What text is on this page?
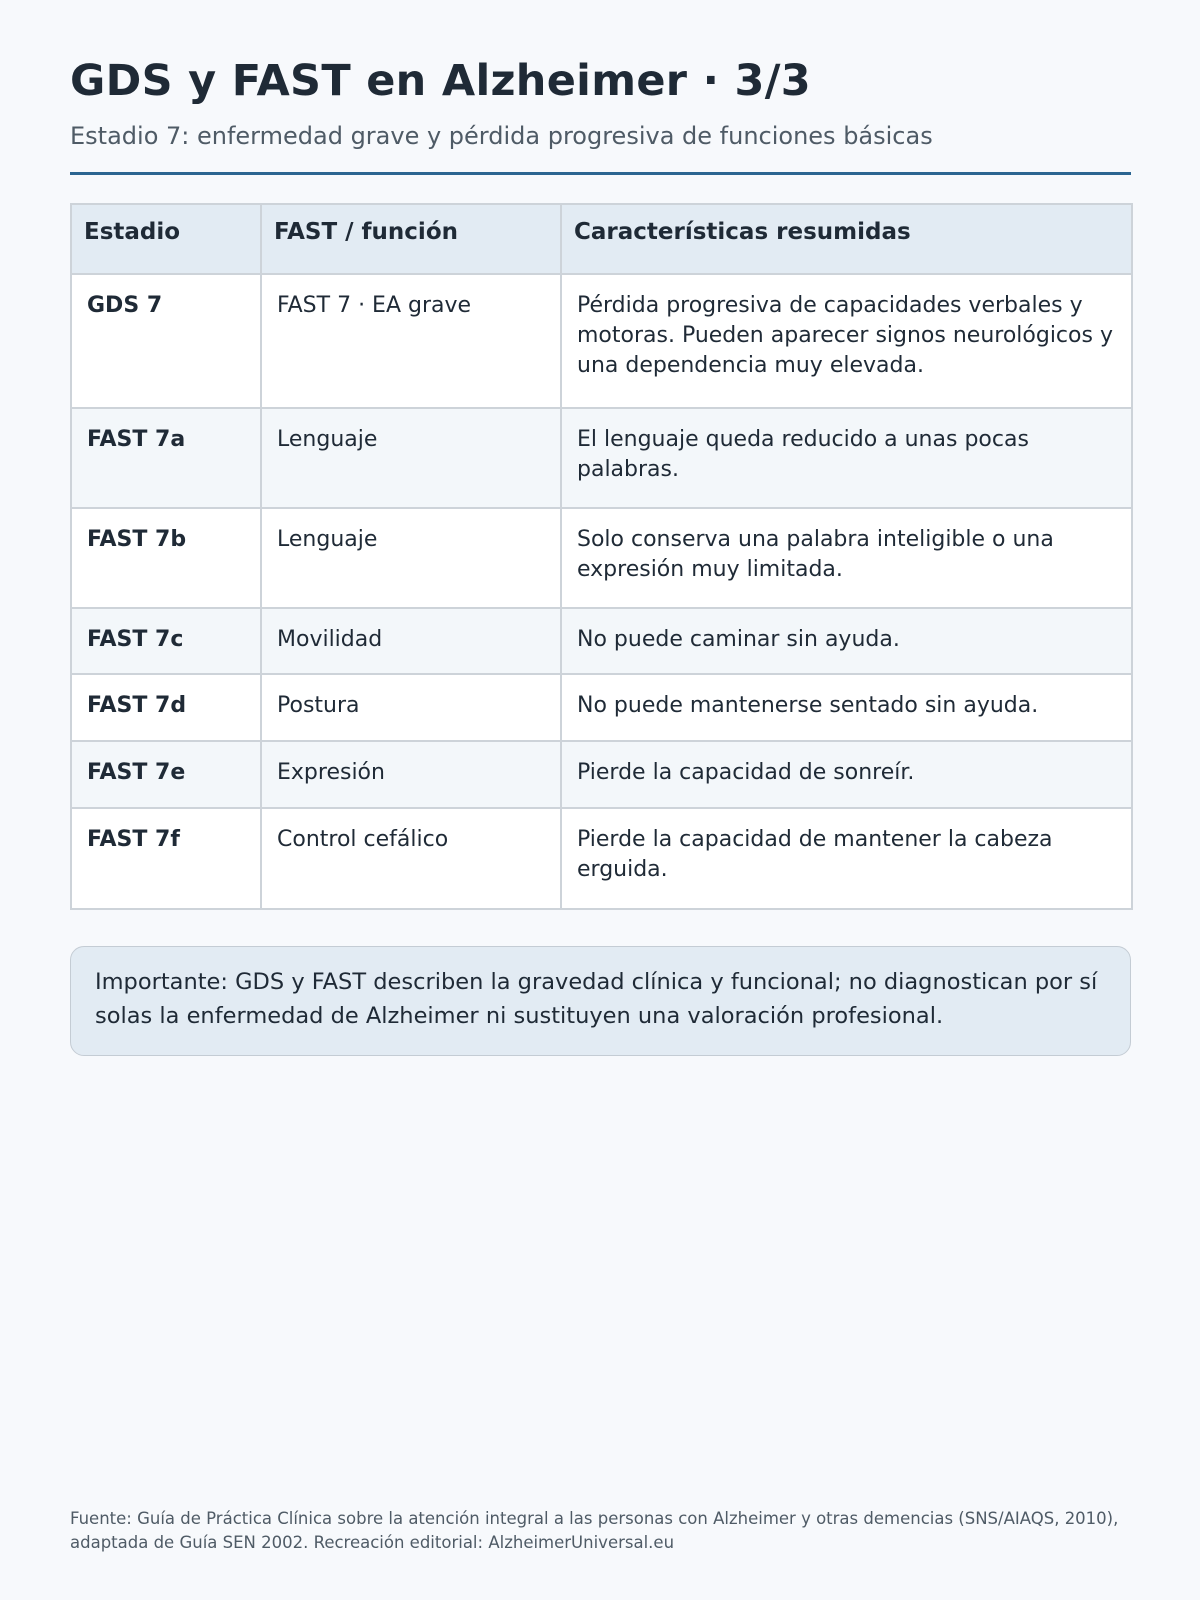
GDS y FAST en Alzheimer · 3/3
Estadio 7: enfermedad grave y pérdida progresiva de funciones básicas
Estadio	FAST / función	Características resumidas
GDS 7	FAST 7 · EA grave	Pérdida progresiva de capacidades verbales y motoras. Pueden aparecer signos neurológicos y una dependencia muy elevada.
FAST 7a	Lenguaje	El lenguaje queda reducido a unas pocas palabras.
FAST 7b	Lenguaje	Solo conserva una palabra inteligible o una expresión muy limitada.
FAST 7c	Movilidad	No puede caminar sin ayuda.
FAST 7d	Postura	No puede mantenerse sentado sin ayuda.
FAST 7e	Expresión	Pierde la capacidad de sonreír.
FAST 7f	Control cefálico	Pierde la capacidad de mantener la cabeza erguida.
Importante: GDS y FAST describen la gravedad clínica y funcional; no diagnostican por sí solas la enfermedad de Alzheimer ni sustituyen una valoración profesional.
Fuente: Guía de Práctica Clínica sobre la atención integral a las personas con Alzheimer y otras demencias (SNS/AIAQS, 2010), adaptada de Guía SEN 2002. Recreación editorial: AlzheimerUniversal.eu
